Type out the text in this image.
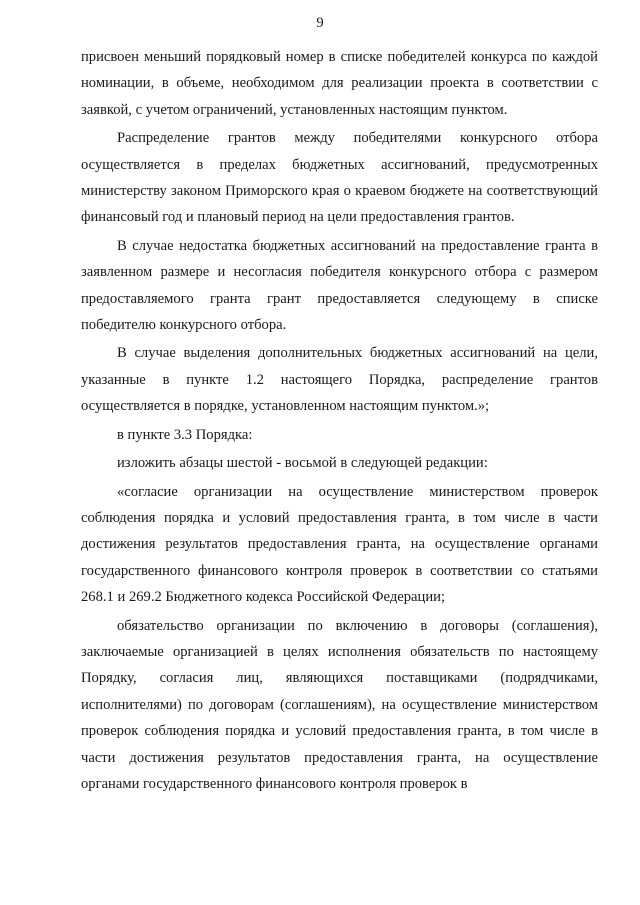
9

присвоен меньший порядковый номер в списке победителей конкурса по каждой номинации, в объеме, необходимом для реализации проекта в соответствии с заявкой, с учетом ограничений, установленных настоящим пунктом.

Распределение грантов между победителями конкурсного отбора осуществляется в пределах бюджетных ассигнований, предусмотренных министерству законом Приморского края о краевом бюджете на соответствующий финансовый год и плановый период на цели предоставления грантов.

В случае недостатка бюджетных ассигнований на предоставление гранта в заявленном размере и несогласия победителя конкурсного отбора с размером предоставляемого гранта грант предоставляется следующему в списке победителю конкурсного отбора.

В случае выделения дополнительных бюджетных ассигнований на цели, указанные в пункте 1.2 настоящего Порядка, распределение грантов осуществляется в порядке, установленном настоящим пунктом.»;

в пункте 3.3 Порядка:

изложить абзацы шестой - восьмой в следующей редакции:

«согласие организации на осуществление министерством проверок соблюдения порядка и условий предоставления гранта, в том числе в части достижения результатов предоставления гранта, на осуществление органами государственного финансового контроля проверок в соответствии со статьями 268.1 и 269.2 Бюджетного кодекса Российской Федерации;

обязательство организации по включению в договоры (соглашения), заключаемые организацией в целях исполнения обязательств по настоящему Порядку, согласия лиц, являющихся поставщиками (подрядчиками, исполнителями) по договорам (соглашениям), на осуществление министерством проверок соблюдения порядка и условий предоставления гранта, в том числе в части достижения результатов предоставления гранта, на осуществление органами государственного финансового контроля проверок в
